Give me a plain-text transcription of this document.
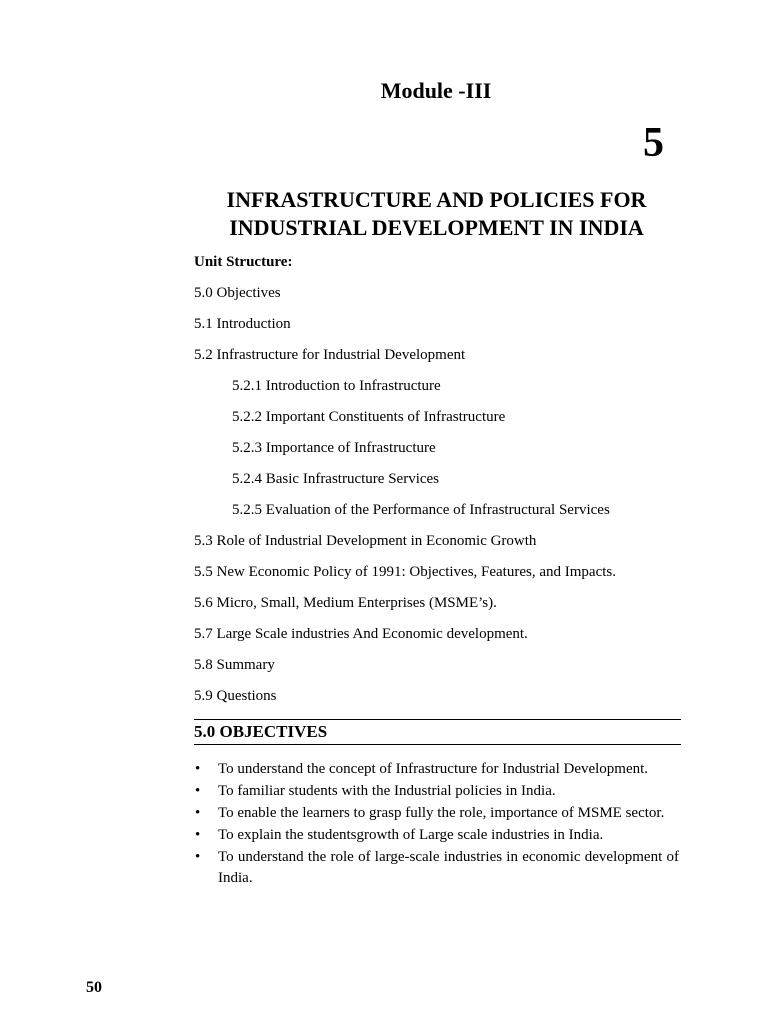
Module -III
5
INFRASTRUCTURE AND POLICIES FOR
INDUSTRIAL DEVELOPMENT IN INDIA
Unit Structure:
5.0 Objectives
5.1 Introduction
5.2 Infrastructure for Industrial Development
5.2.1 Introduction to Infrastructure
5.2.2 Important Constituents of Infrastructure
5.2.3 Importance of Infrastructure
5.2.4 Basic Infrastructure Services
5.2.5 Evaluation of the Performance of Infrastructural Services
5.3 Role of Industrial Development in Economic Growth
5.5 New Economic Policy of 1991: Objectives, Features, and Impacts.
5.6 Micro, Small, Medium Enterprises (MSME’s).
5.7 Large Scale industries And Economic development.
5.8 Summary
5.9 Questions
5.0 OBJECTIVES
• To understand the concept of Infrastructure for Industrial Development.
• To familiar students with the Industrial policies in India.
• To enable the learners to grasp fully the role, importance of MSME sector.
• To explain the studentsgrowth of Large scale industries in India.
• To understand the role of large-scale industries in economic development of India.
50
